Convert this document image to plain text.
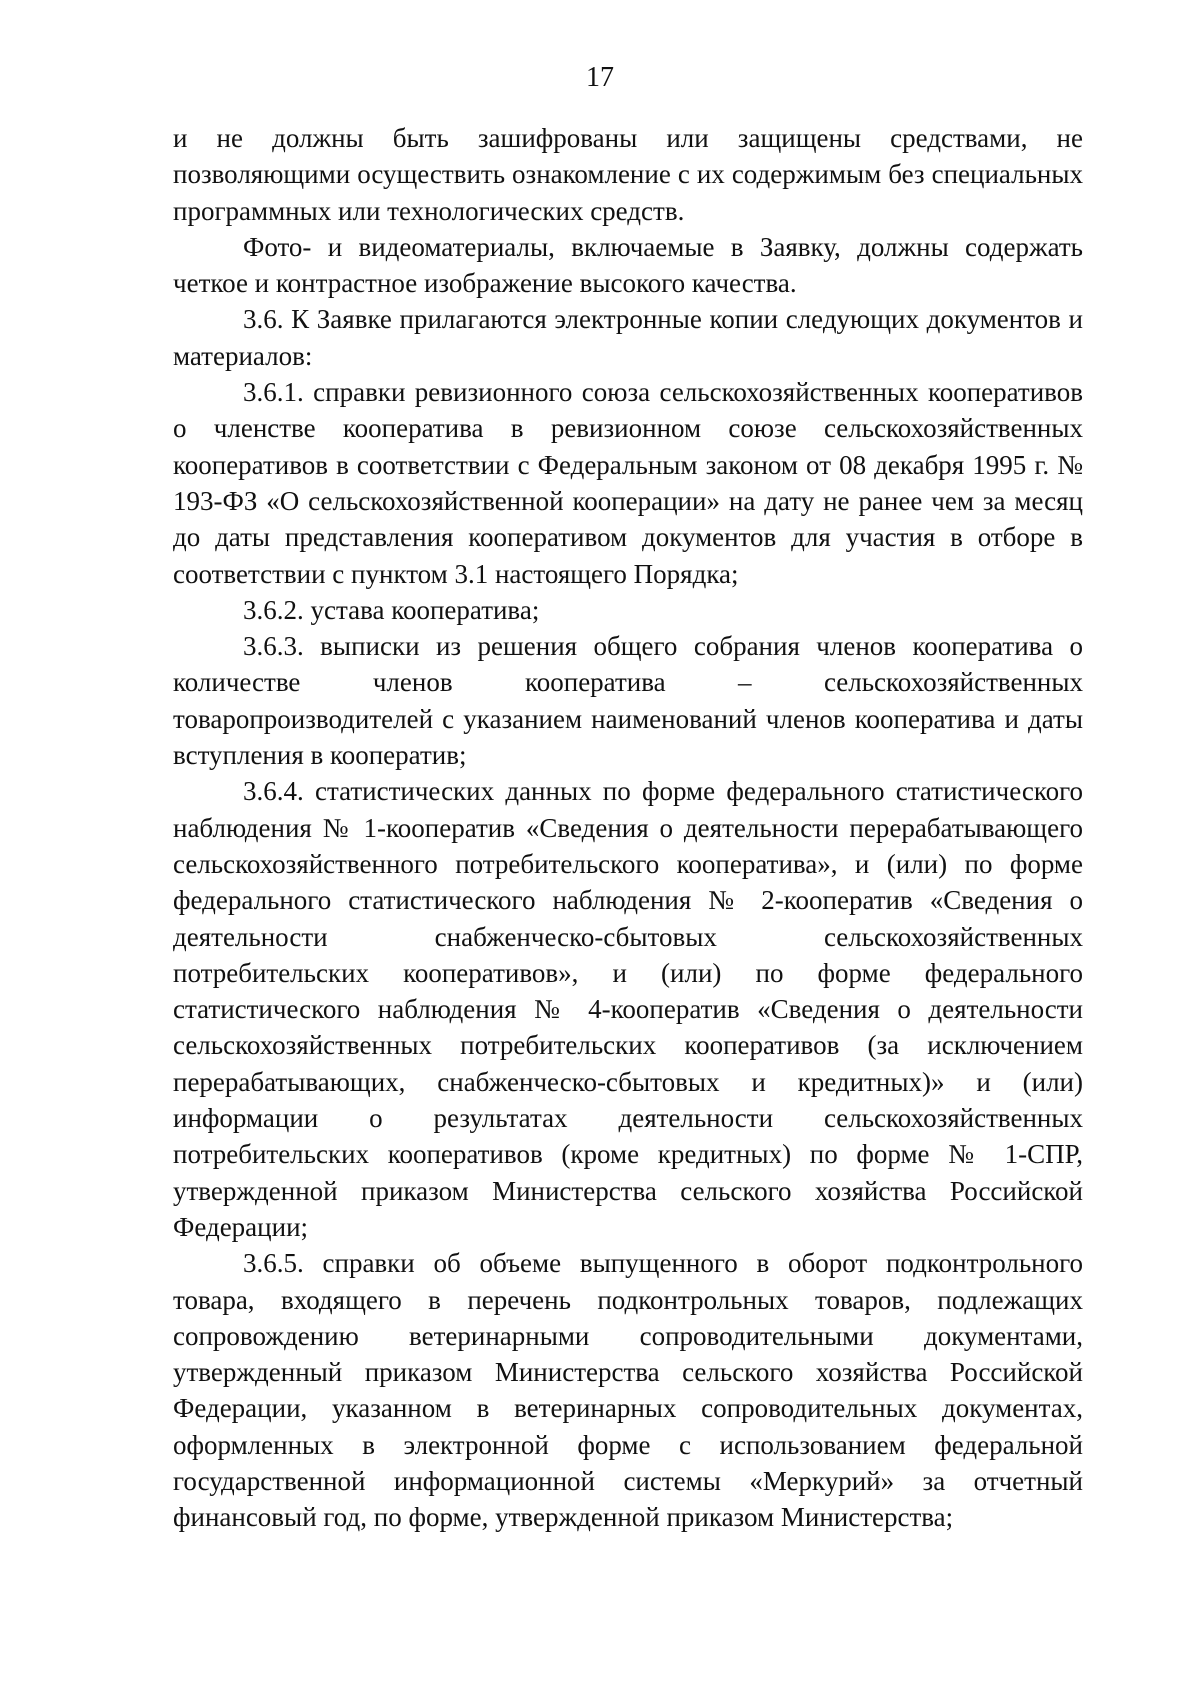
17

и не должны быть зашифрованы или защищены средствами, не позволяющими осуществить ознакомление с их содержимым без специальных программных или технологических средств.

Фото- и видеоматериалы, включаемые в Заявку, должны содержать четкое и контрастное изображение высокого качества.

3.6. К Заявке прилагаются электронные копии следующих документов и материалов:

3.6.1. справки ревизионного союза сельскохозяйственных кооперативов о членстве кооператива в ревизионном союзе сельскохозяйственных кооперативов в соответствии с Федеральным законом от 08 декабря 1995 г. № 193-ФЗ «О сельскохозяйственной кооперации» на дату не ранее чем за месяц до даты представления кооперативом документов для участия в отборе в соответствии с пунктом 3.1 настоящего Порядка;

3.6.2. устава кооператива;

3.6.3. выписки из решения общего собрания членов кооператива о количестве членов кооператива – сельскохозяйственных товаропроизводителей с указанием наименований членов кооператива и даты вступления в кооператив;

3.6.4. статистических данных по форме федерального статистического наблюдения № 1-кооператив «Сведения о деятельности перерабатывающего сельскохозяйственного потребительского кооператива», и (или) по форме федерального статистического наблюдения № 2-кооператив «Сведения о деятельности снабженческо-сбытовых сельскохозяйственных потребительских кооперативов», и (или) по форме федерального статистического наблюдения № 4-кооператив «Сведения о деятельности сельскохозяйственных потребительских кооперативов (за исключением перерабатывающих, снабженческо-сбытовых и кредитных)» и (или) информации о результатах деятельности сельскохозяйственных потребительских кооперативов (кроме кредитных) по форме № 1-СПР, утвержденной приказом Министерства сельского хозяйства Российской Федерации;

3.6.5. справки об объеме выпущенного в оборот подконтрольного товара, входящего в перечень подконтрольных товаров, подлежащих сопровождению ветеринарными сопроводительными документами, утвержденный приказом Министерства сельского хозяйства Российской Федерации, указанном в ветеринарных сопроводительных документах, оформленных в электронной форме с использованием федеральной государственной информационной системы «Меркурий» за отчетный финансовый год, по форме, утвержденной приказом Министерства;
